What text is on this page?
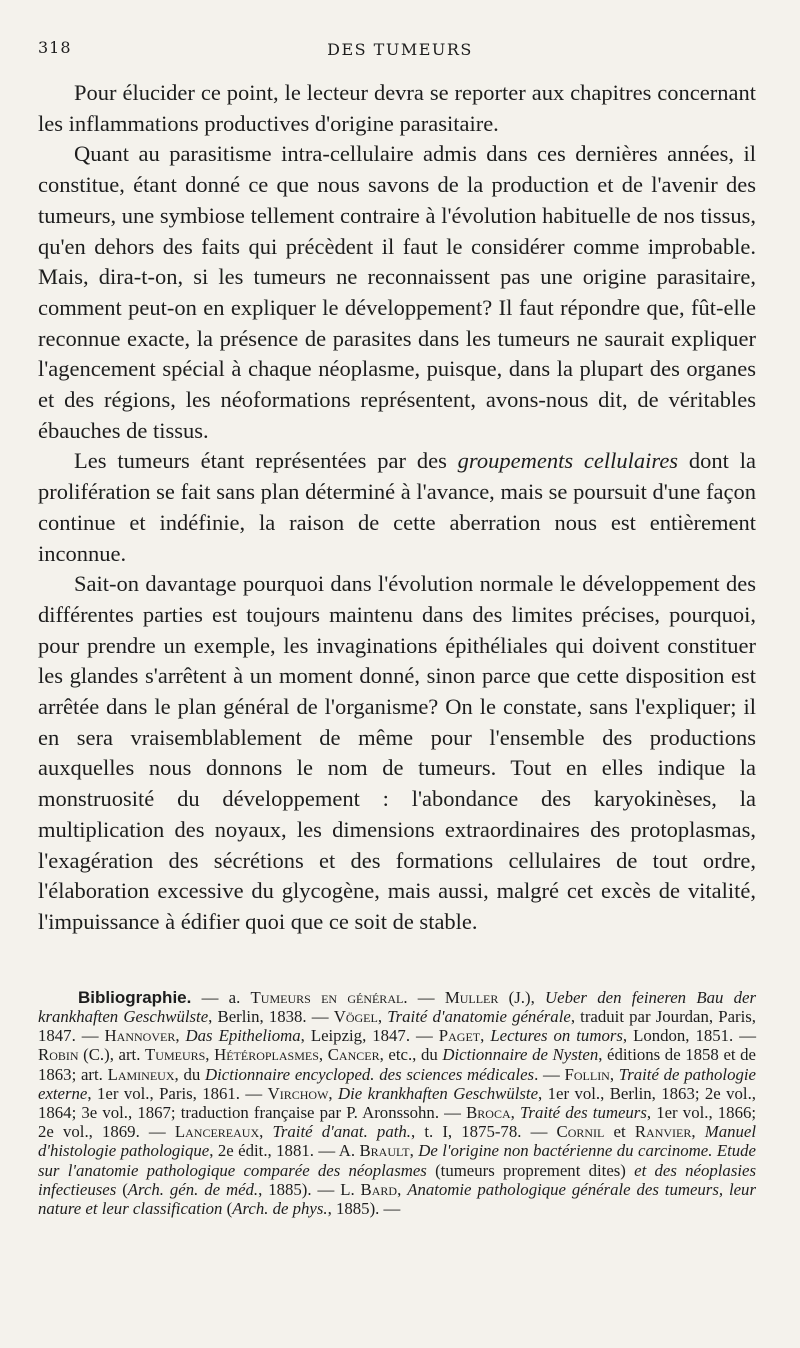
318	DES TUMEURS

Pour élucider ce point, le lecteur devra se reporter aux chapitres concernant les inflammations productives d'origine parasitaire.

Quant au parasitisme intra-cellulaire admis dans ces dernières années, il constitue, étant donné ce que nous savons de la production et de l'avenir des tumeurs, une symbiose tellement contraire à l'évolution habituelle de nos tissus, qu'en dehors des faits qui précèdent il faut le considérer comme improbable. Mais, dira-t-on, si les tumeurs ne reconnaissent pas une origine parasitaire, comment peut-on en expliquer le développement? Il faut répondre que, fût-elle reconnue exacte, la présence de parasites dans les tumeurs ne saurait expliquer l'agencement spécial à chaque néoplasme, puisque, dans la plupart des organes et des régions, les néoformations représentent, avons-nous dit, de véritables ébauches de tissus.

Les tumeurs étant représentées par des groupements cellulaires dont la prolifération se fait sans plan déterminé à l'avance, mais se poursuit d'une façon continue et indéfinie, la raison de cette aberration nous est entièrement inconnue.

Sait-on davantage pourquoi dans l'évolution normale le développement des différentes parties est toujours maintenu dans des limites précises, pourquoi, pour prendre un exemple, les invaginations épithéliales qui doivent constituer les glandes s'arrêtent à un moment donné, sinon parce que cette disposition est arrêtée dans le plan général de l'organisme? On le constate, sans l'expliquer; il en sera vraisemblablement de même pour l'ensemble des productions auxquelles nous donnons le nom de tumeurs. Tout en elles indique la monstruosité du développement : l'abondance des karyokinèses, la multiplication des noyaux, les dimensions extraordinaires des protoplasmas, l'exagération des sécrétions et des formations cellulaires de tout ordre, l'élaboration excessive du glycogène, mais aussi, malgré cet excès de vitalité, l'impuissance à édifier quoi que ce soit de stable.

Bibliographie. — a. Tumeurs en général. — Muller (J.), Ueber den feineren Bau der krankhaften Geschwülste, Berlin, 1838. — Vögel, Traité d'anatomie générale, traduit par Jourdan, Paris, 1847. — Hannover, Das Epithelioma, Leipzig, 1847. — Paget, Lectures on tumors, London, 1851. — Robin (C.), art. Tumeurs, Hétéroplasmes, Cancer, etc., du Dictionnaire de Nysten, éditions de 1858 et de 1863; art. Lamineux, du Dictionnaire encycloped. des sciences médicales. — Follin, Traité de pathologie externe, 1er vol., Paris, 1861. — Virchow, Die krankhaften Geschwülste, 1er vol., Berlin, 1863; 2e vol., 1864; 3e vol., 1867; traduction française par P. Aronssohn. — Broca, Traité des tumeurs, 1er vol., 1866; 2e vol., 1869. — Lancereaux, Traité d'anat. path., t. I, 1875-78. — Cornil et Ranvier, Manuel d'histologie pathologique, 2e édit., 1881. — A. Brault, De l'origine non bactérienne du carcinome. Etude sur l'anatomie pathologique comparée des néoplasmes (tumeurs proprement dites) et des néoplasies infectieuses (Arch. gén. de méd., 1885). — L. Bard, Anatomie pathologique générale des tumeurs, leur nature et leur classification (Arch. de phys., 1885). —
